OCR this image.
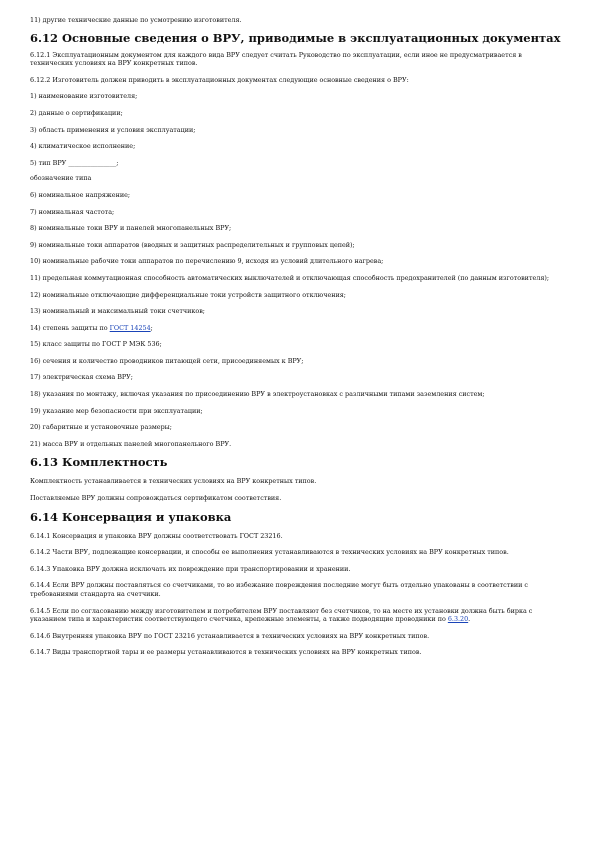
11) другие технические данные по усмотрению изготовителя.

6.12 Основные сведения о ВРУ, приводимые в эксплуатационных документах

6.12.1 Эксплуатационным документом для каждого вида ВРУ следует считать Руководство по эксплуатации, если иное не предусматривается в технических условиях на ВРУ конкретных типов.

6.12.2 Изготовитель должен приводить в эксплуатационных документах следующие основные сведения о ВРУ:

1) наименование изготовителя;

2) данные о сертификации;

3) область применения и условия эксплуатации;

4) климатическое исполнение;

5) тип ВРУ _______________;

обозначение типа

6) номинальное напряжение;

7) номинальная частота;

8) номинальные токи ВРУ и панелей многопанельных ВРУ;

9) номинальные токи аппаратов (вводных и защитных распределительных и групповых цепей);

10) номинальные рабочие токи аппаратов по перечислению 9, исходя из условий длительного нагрева;

11) предельная коммутационная способность автоматических выключателей и отключающая способность предохранителей (по данным изготовителя);

12) номинальные отключающие дифференциальные токи устройств защитного отключения;

13) номинальный и максимальный токи счетчиков;

14) степень защиты по ГОСТ 14254;

15) класс защиты по ГОСТ Р МЭК 536;

16) сечения и количество проводников питающей сети, присоединяемых к ВРУ;

17) электрическая схема ВРУ;

18) указания по монтажу, включая указания по присоединению ВРУ в электроустановках с различными типами заземления систем;

19) указание мер безопасности при эксплуатации;

20) габаритные и установочные размеры;

21) масса ВРУ и отдельных панелей многопанельного ВРУ.

6.13 Комплектность

Комплектность устанавливается в технических условиях на ВРУ конкретных типов.

Поставляемые ВРУ должны сопровождаться сертификатом соответствия.

6.14 Консервация и упаковка

6.14.1 Консервация и упаковка ВРУ должны соответствовать ГОСТ 23216.

6.14.2 Части ВРУ, подлежащие консервации, и способы ее выполнения устанавливаются в технических условиях на ВРУ конкретных типов.

6.14.3 Упаковка ВРУ должна исключать их повреждение при транспортировании и хранении.

6.14.4 Если ВРУ должны поставляться со счетчиками, то во избежание повреждения последние могут быть отдельно упакованы в соответствии с требованиями стандарта на счетчики.

6.14.5 Если по согласованию между изготовителем и потребителем ВРУ поставляют без счетчиков, то на месте их установки должна быть бирка с указанием типа и характеристик соответствующего счетчика, крепежные элементы, а также подводящие проводники по 6.3.20.

6.14.6 Внутренняя упаковка ВРУ по ГОСТ 23216 устанавливается в технических условиях на ВРУ конкретных типов.

6.14.7 Виды транспортной тары и ее размеры устанавливаются в технических условиях на ВРУ конкретных типов.
